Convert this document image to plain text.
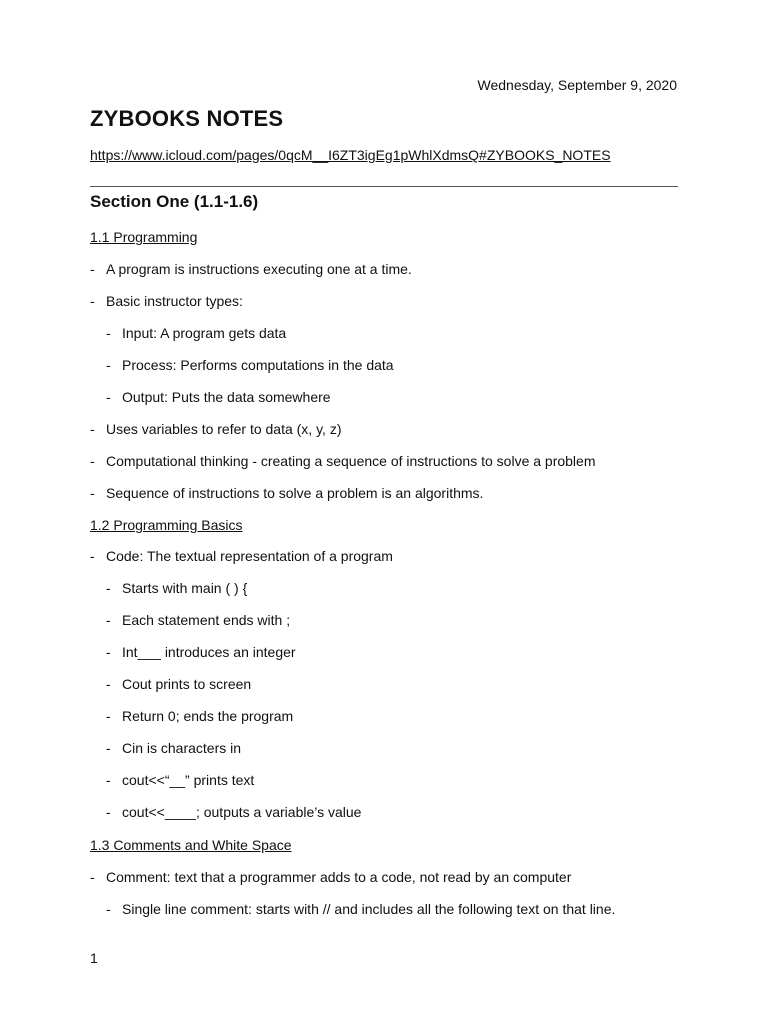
Wednesday, September 9, 2020
ZYBOOKS NOTES
https://www.icloud.com/pages/0qcM__I6ZT3igEg1pWhlXdmsQ#ZYBOOKS_NOTES
Section One (1.1-1.6)
1.1 Programming
- A program is instructions executing one at a time.
- Basic instructor types:
- Input: A program gets data
- Process: Performs computations in the data
- Output: Puts the data somewhere
- Uses variables to refer to data (x, y, z)
- Computational thinking - creating a sequence of instructions to solve a problem
- Sequence of instructions to solve a problem is an algorithms.
1.2 Programming Basics
- Code: The textual representation of a program
- Starts with main ( ) {
- Each statement ends with ;
- Int___ introduces an integer
- Cout prints to screen
- Return 0; ends the program
- Cin is characters in
- cout<<“__” prints text
- cout<<____; outputs a variable’s value
1.3 Comments and White Space
- Comment: text that a programmer adds to a code, not read by an computer
- Single line comment: starts with // and includes all the following text on that line.
1
